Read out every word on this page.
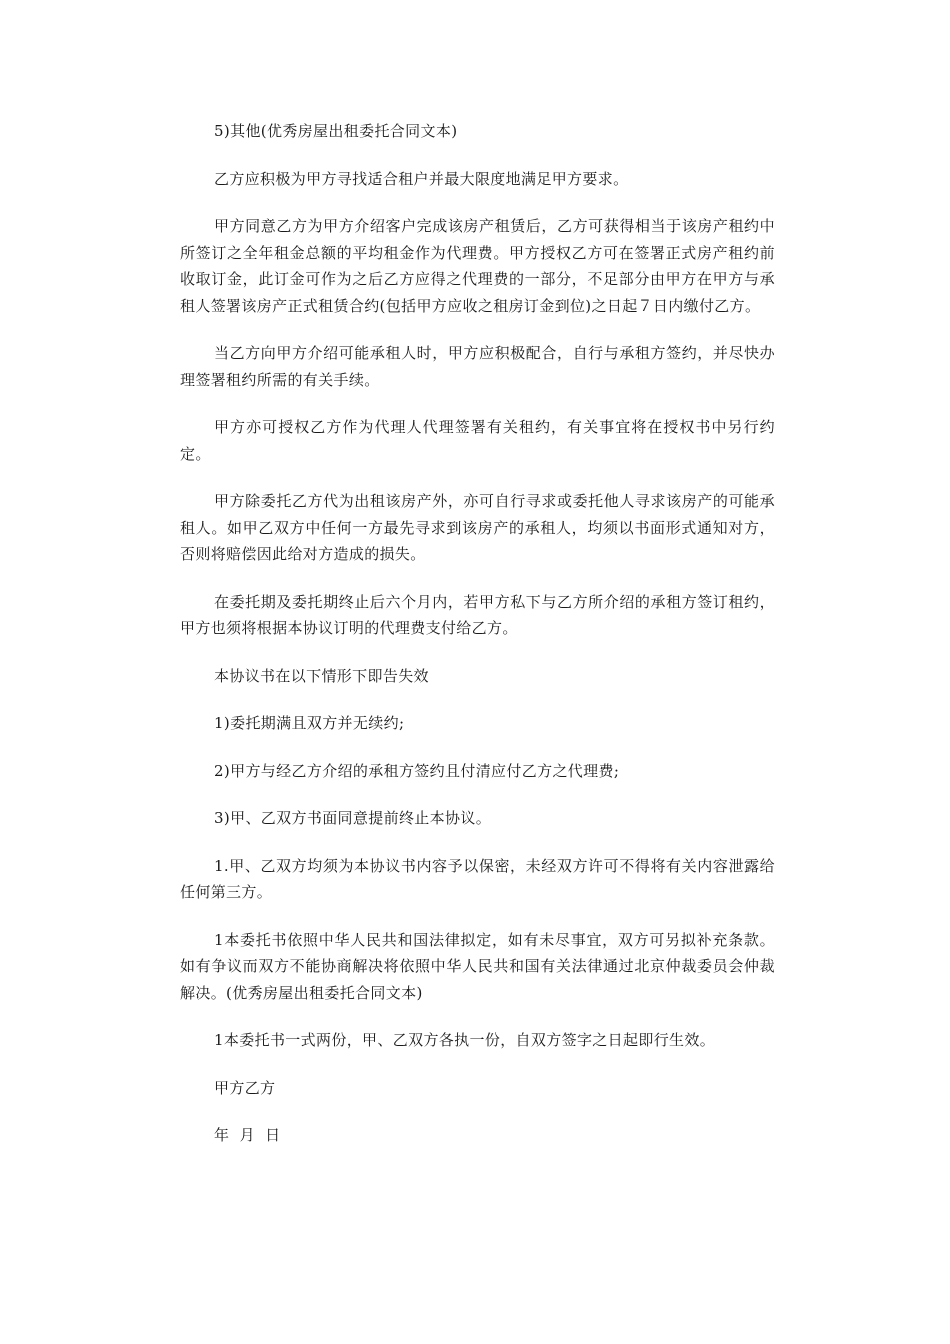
5)其他(优秀房屋出租委托合同文本)

乙方应积极为甲方寻找适合租户并最大限度地满足甲方要求。

甲方同意乙方为甲方介绍客户完成该房产租赁后，乙方可获得相当于该房产租约中所签订之全年租金总额的平均租金作为代理费。甲方授权乙方可在签署正式房产租约前收取订金，此订金可作为之后乙方应得之代理费的一部分，不足部分由甲方在甲方与承租人签署该房产正式租赁合约(包括甲方应收之租房订金到位)之日起７日内缴付乙方。

当乙方向甲方介绍可能承租人时，甲方应积极配合，自行与承租方签约，并尽快办理签署租约所需的有关手续。

甲方亦可授权乙方作为代理人代理签署有关租约，有关事宜将在授权书中另行约定。

甲方除委托乙方代为出租该房产外，亦可自行寻求或委托他人寻求该房产的可能承租人。如甲乙双方中任何一方最先寻求到该房产的承租人，均须以书面形式通知对方，否则将赔偿因此给对方造成的损失。

在委托期及委托期终止后六个月内，若甲方私下与乙方所介绍的承租方签订租约，甲方也须将根据本协议订明的代理费支付给乙方。

本协议书在以下情形下即告失效

1)委托期满且双方并无续约;

2)甲方与经乙方介绍的承租方签约且付清应付乙方之代理费;

3)甲、乙双方书面同意提前终止本协议。

1.甲、乙双方均须为本协议书内容予以保密，未经双方许可不得将有关内容泄露给任何第三方。

1本委托书依照中华人民共和国法律拟定，如有未尽事宜，双方可另拟补充条款。如有争议而双方不能协商解决将依照中华人民共和国有关法律通过北京仲裁委员会仲裁解决。(优秀房屋出租委托合同文本)

1本委托书一式两份，甲、乙双方各执一份，自双方签字之日起即行生效。

甲方乙方

年  月  日
